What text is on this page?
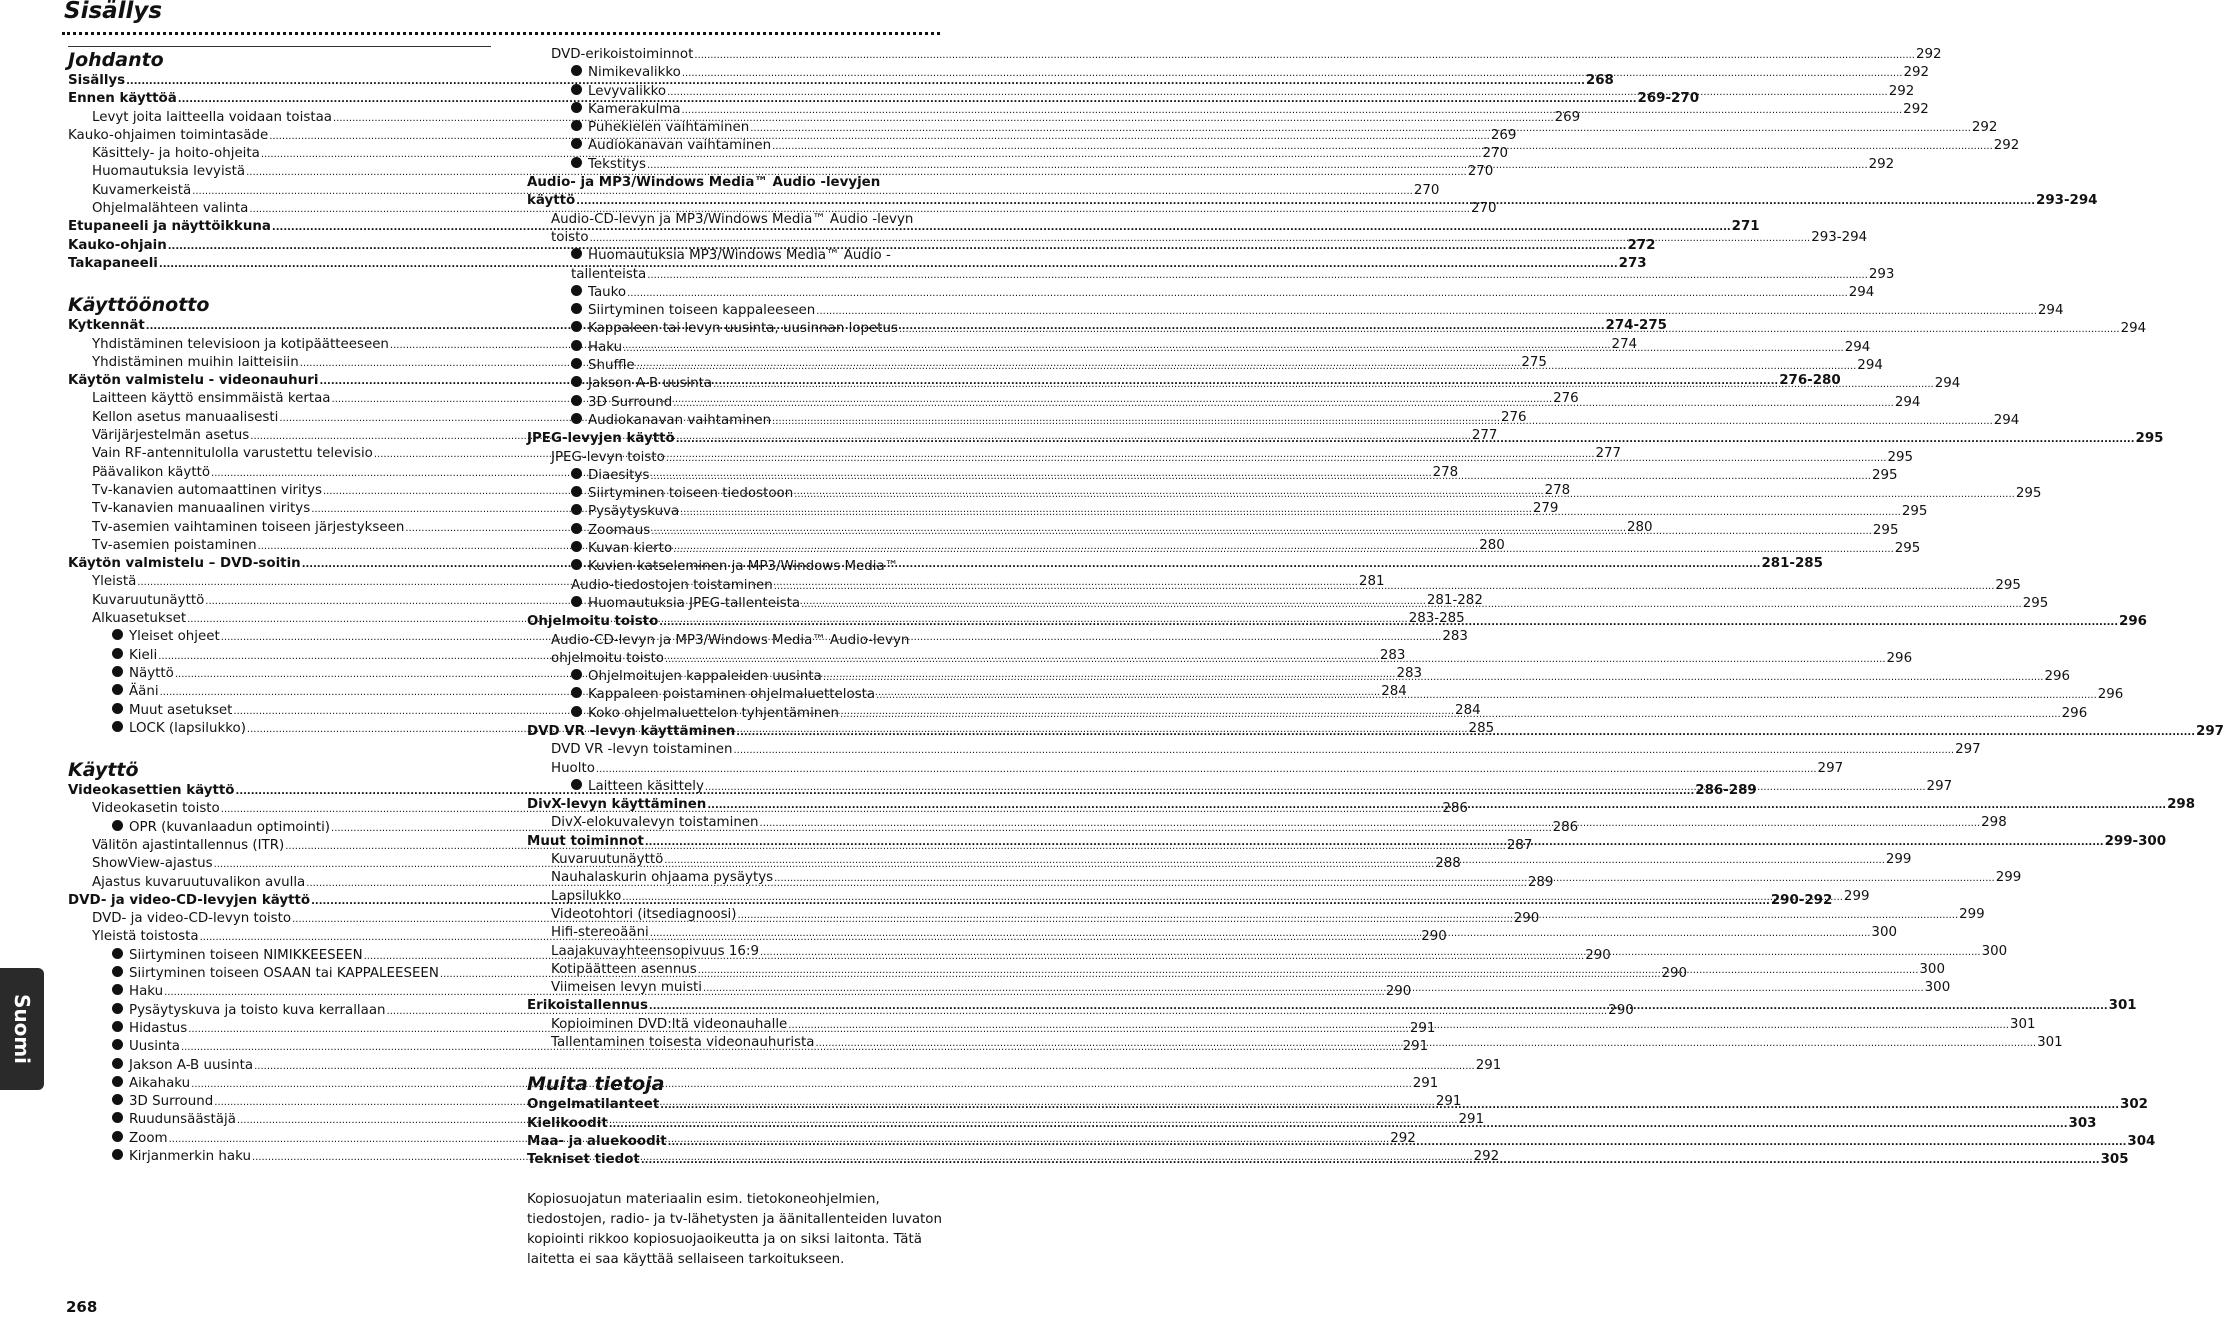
Sisällys
Johdanto
Sisällys .....	268
Ennen käyttöä .....	269-270
Levyt joita laitteella voidaan toistaa .....	269
Kauko-ohjaimen toimintasäde .....	269
Käsittely- ja hoito-ohjeita .....	270
Huomautuksia levyistä .....	270
Kuvamerkeistä .....	270
Ohjelmalähteen valinta .....	270
Etupaneeli ja näyttöikkuna .....	271
Kauko-ohjain .....	272
Takapaneeli .....	273
Käyttöönotto
Kytkennät .....	274-275
Yhdistäminen televisioon ja kotipäätteeseen .....	274
Yhdistäminen muihin laitteisiin .....	275
Käytön valmistelu - videonauhuri .....	276-280
Laitteen käyttö ensimmäistä kertaa .....	276
Kellon asetus manuaalisesti .....	276
Värijärjestelmän asetus .....	277
Vain RF-antennitulolla varustettu televisio .....	277
Päävalikon käyttö .....	278
Tv-kanavien automaattinen viritys .....	278
Tv-kanavien manuaalinen viritys .....	279
Tv-asemien vaihtaminen toiseen järjestykseen .....	280
Tv-asemien poistaminen .....	280
Käytön valmistelu – DVD-soitin .....	281-285
Yleistä .....	281
Kuvaruutunäyttö .....	281-282
Alkuasetukset .....	283-285
Yleiset ohjeet .....	283
Kieli .....	283
Näyttö .....	283
Ääni .....	284
Muut asetukset .....	284
LOCK (lapsilukko) .....	285
Käyttö
Videokasettien käyttö .....	286-289
Videokasetin toisto .....	286
OPR (kuvanlaadun optimointi) .....	286
Välitön ajastintallennus (ITR) .....	287
ShowView-ajastus .....	288
Ajastus kuvaruutuvalikon avulla .....	289
DVD- ja video-CD-levyjen käyttö .....	290-292
DVD- ja video-CD-levyn toisto .....	290
Yleistä toistosta .....	290
Siirtyminen toiseen NIMIKKEESEEN .....	290
Siirtyminen toiseen OSAAN tai KAPPALEESEEN .....	290
Haku .....	290
Pysäytyskuva ja toisto kuva kerrallaan .....	290
Hidastus .....	291
Uusinta .....	291
Jakson A-B uusinta .....	291
Aikahaku .....	291
3D Surround .....	291
Ruudunsäästäjä .....	291
Zoom .....	292
Kirjanmerkin haku .....	292
DVD-erikoistoiminnot .....	292
Nimikevalikko .....	292
Levyvalikko .....	292
Kamerakulma .....	292
Puhekielen vaihtaminen .....	292
Audiokanavan vaihtaminen .....	292
Tekstitys .....	292
Audio- ja MP3/Windows Media™ Audio -levyjen
käyttö .....	293-294
Audio-CD-levyn ja MP3/Windows Media™ Audio -levyn
toisto .....	293-294
Huomautuksia MP3/Windows Media™ Audio -
tallenteista .....	293
Tauko .....	294
Siirtyminen toiseen kappaleeseen .....	294
Kappaleen tai levyn uusinta, uusinnan lopetus .....	294
Haku .....	294
Shuffle .....	294
Jakson A-B uusinta .....	294
3D Surround .....	294
Audiokanavan vaihtaminen .....	294
JPEG-levyjen käyttö .....	295
JPEG-levyn toisto .....	295
Diaesitys .....	295
Siirtyminen toiseen tiedostoon .....	295
Pysäytyskuva .....	295
Zoomaus .....	295
Kuvan kierto .....	295
Kuvien katseleminen ja MP3/Windows Media™
Audio-tiedostojen toistaminen .....	295
Huomautuksia JPEG-tallenteista .....	295
Ohjelmoitu toisto .....	296
Audio-CD-levyn ja MP3/Windows Media™ Audio-levyn
ohjelmoitu toisto .....	296
Ohjelmoitujen kappaleiden uusinta .....	296
Kappaleen poistaminen ohjelmaluettelosta .....	296
Koko ohjelmaluettelon tyhjentäminen .....	296
DVD VR -levyn käyttäminen .....	297
DVD VR -levyn toistaminen .....	297
Huolto .....	297
Laitteen käsittely .....	297
DivX-levyn käyttäminen .....	298
DivX-elokuvalevyn toistaminen .....	298
Muut toiminnot .....	299-300
Kuvaruutunäyttö .....	299
Nauhalaskurin ohjaama pysäytys .....	299
Lapsilukko .....	299
Videotohtori (itsediagnoosi) .....	299
Hifi-stereoääni .....	300
Laajakuvayhteensopivuus 16:9 .....	300
Kotipäätteen asennus .....	300
Viimeisen levyn muisti .....	300
Erikoistallennus .....	301
Kopioiminen DVD:ltä videonauhalle .....	301
Tallentaminen toisesta videonauhurista .....	301
Muita tietoja
Ongelmatilanteet .....	302
Kielikoodit .....	303
Maa- ja aluekoodit .....	304
Tekniset tiedot .....	305
Kopiosuojatun materiaalin esim. tietokoneohjelmien, tiedostojen, radio- ja tv-lähetysten ja äänitallenteiden luvaton kopiointi rikkoo kopiosuojaoikeutta ja on siksi laitonta. Tätä laitetta ei saa käyttää sellaiseen tarkoitukseen.
Suomi
268
